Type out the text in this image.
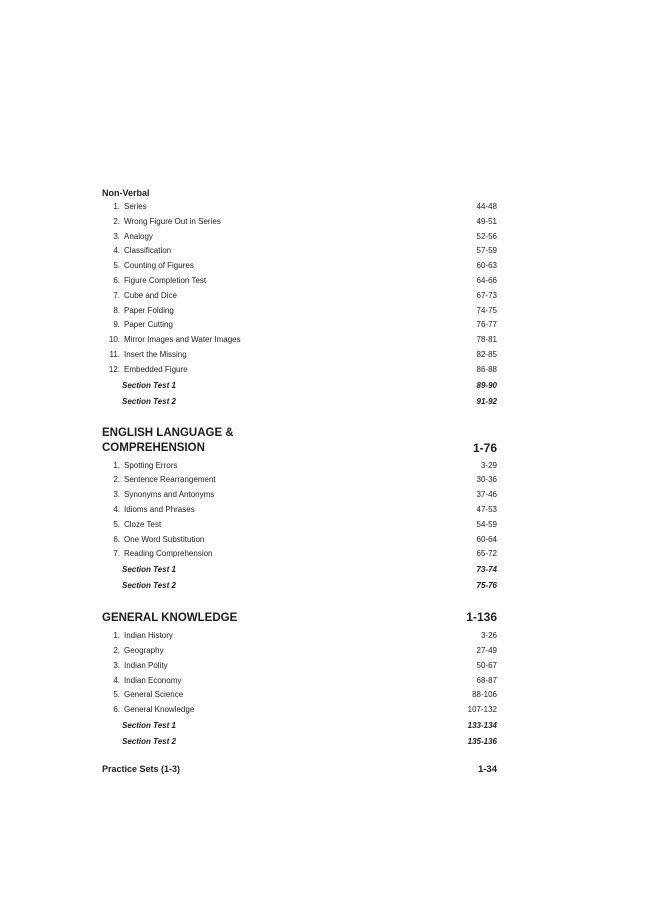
Non-Verbal
1. Series	44-48
2. Wrong Figure Out in Series	49-51
3. Analogy	52-56
4. Classification	57-59
5. Counting of Figures	60-63
6. Figure Completion Test	64-66
7. Cube and Dice	67-73
8. Paper Folding	74-75
9. Paper Cutting	76-77
10. Mirror Images and Water Images	78-81
11. Insert the Missing	82-85
12. Embedded Figure	86-88
Section Test 1	89-90
Section Test 2	91-92
ENGLISH LANGUAGE &
COMPREHENSION	1-76
1. Spotting Errors	3-29
2. Sentence Rearrangement	30-36
3. Synonyms and Antonyms	37-46
4. Idioms and Phrases	47-53
5. Cloze Test	54-59
6. One Word Substitution	60-64
7. Reading Comprehension	65-72
Section Test 1	73-74
Section Test 2	75-76
GENERAL KNOWLEDGE	1-136
1. Indian History	3-26
2. Geography	27-49
3. Indian Polity	50-67
4. Indian Economy	68-87
5. General Science	88-106
6. General Knowledge	107-132
Section Test 1	133-134
Section Test 2	135-136
Practice Sets (1-3)	1-34
